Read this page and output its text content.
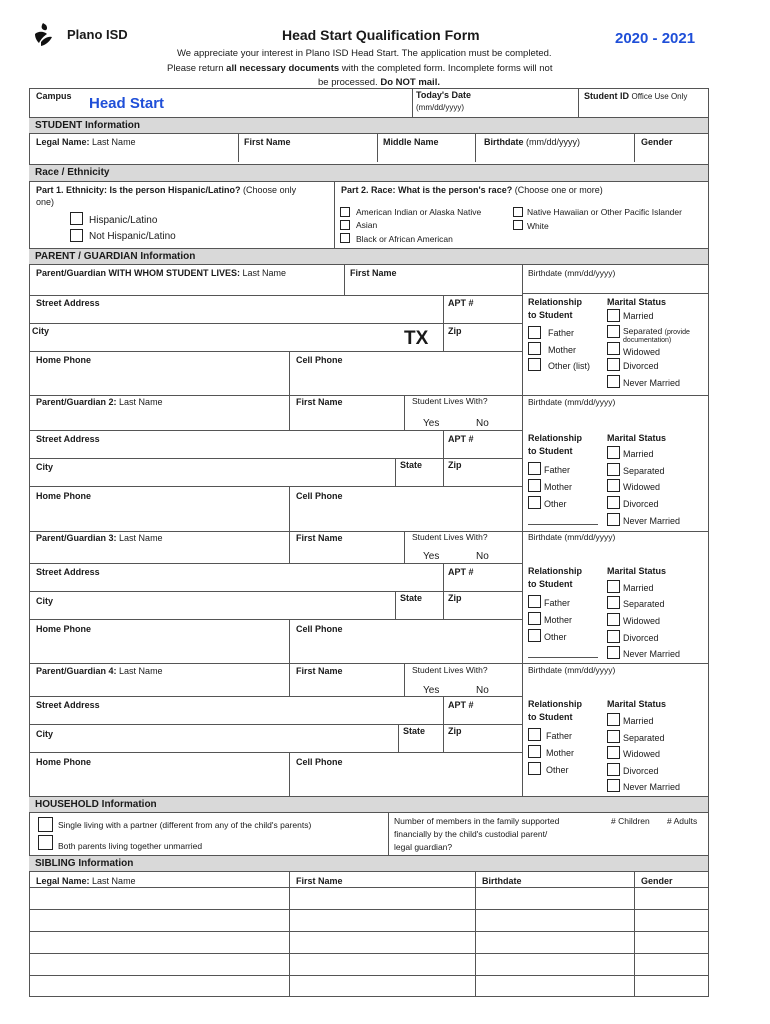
Plano ISD	Head Start Qualification Form	2020 - 2021
We appreciate your interest in Plano ISD Head Start. The application must be completed.
Please return all necessary documents with the completed form. Incomplete forms will not
be processed. Do NOT mail.
Campus Head Start	Today's Date
(mm/dd/yyyy)
Student ID Office Use Only
STUDENT Information
Legal Name: Last Name	First Name	Middle Name	Birthdate (mm/dd/yyyy)	Gender
Race / Ethnicity
Part 1. Ethnicity: Is the person Hispanic/Latino? (Choose only
one)
Hispanic/Latino
Not Hispanic/Latino
Part 2. Race: What is the person's race? (Choose one or more)
American Indian or Alaska Native
Asian
Black or African American
Native Hawaiian or Other Pacific Islander
White
PARENT / GUARDIAN Information
Parent/Guardian WITH WHOM STUDENT LIVES: Last Name	First Name	Birthdate (mm/dd/yyyy)
Street Address	APT #
City	TX Zip
Home Phone	Cell Phone
Relationship
to Student
Father
Mother
Other (list)
Marital Status
Married
Separated (provide
documentation)
Widowed
Divorced
Never Married
Parent/Guardian 2: Last Name	First Name	Student Lives With?
Yes	No
Birthdate (mm/dd/yyyy)
Street Address	APT #
City	State	Zip
Home Phone	Cell Phone
Relationship
to Student
Father
Mother
Other
Marital Status
Married
Separated
Widowed
Divorced
Never Married
Parent/Guardian 3: Last Name	First Name	Student Lives With?
Yes	No
Birthdate (mm/dd/yyyy)
Street Address	APT #
City	State	Zip
Home Phone	Cell Phone
Relationship
to Student
Father
Mother
Other
Marital Status
Married
Separated
Widowed
Divorced
Never Married
Parent/Guardian 4: Last Name	First Name	Student Lives With?
Yes	No
Birthdate (mm/dd/yyyy)
Street Address	APT #
City	State	Zip
Home Phone	Cell Phone
Relationship
to Student
Father
Mother
Other
Marital Status
Married
Separated
Widowed
Divorced
Never Married
HOUSEHOLD Information
Single living with a partner (different from any of the child's parents)
Both parents living together unmarried
Number of members in the family supported
financially by the child's custodial parent/
legal guardian?
# Children # Adults
SIBLING Information
Legal Name: Last Name	First Name	Birthdate	Gender
